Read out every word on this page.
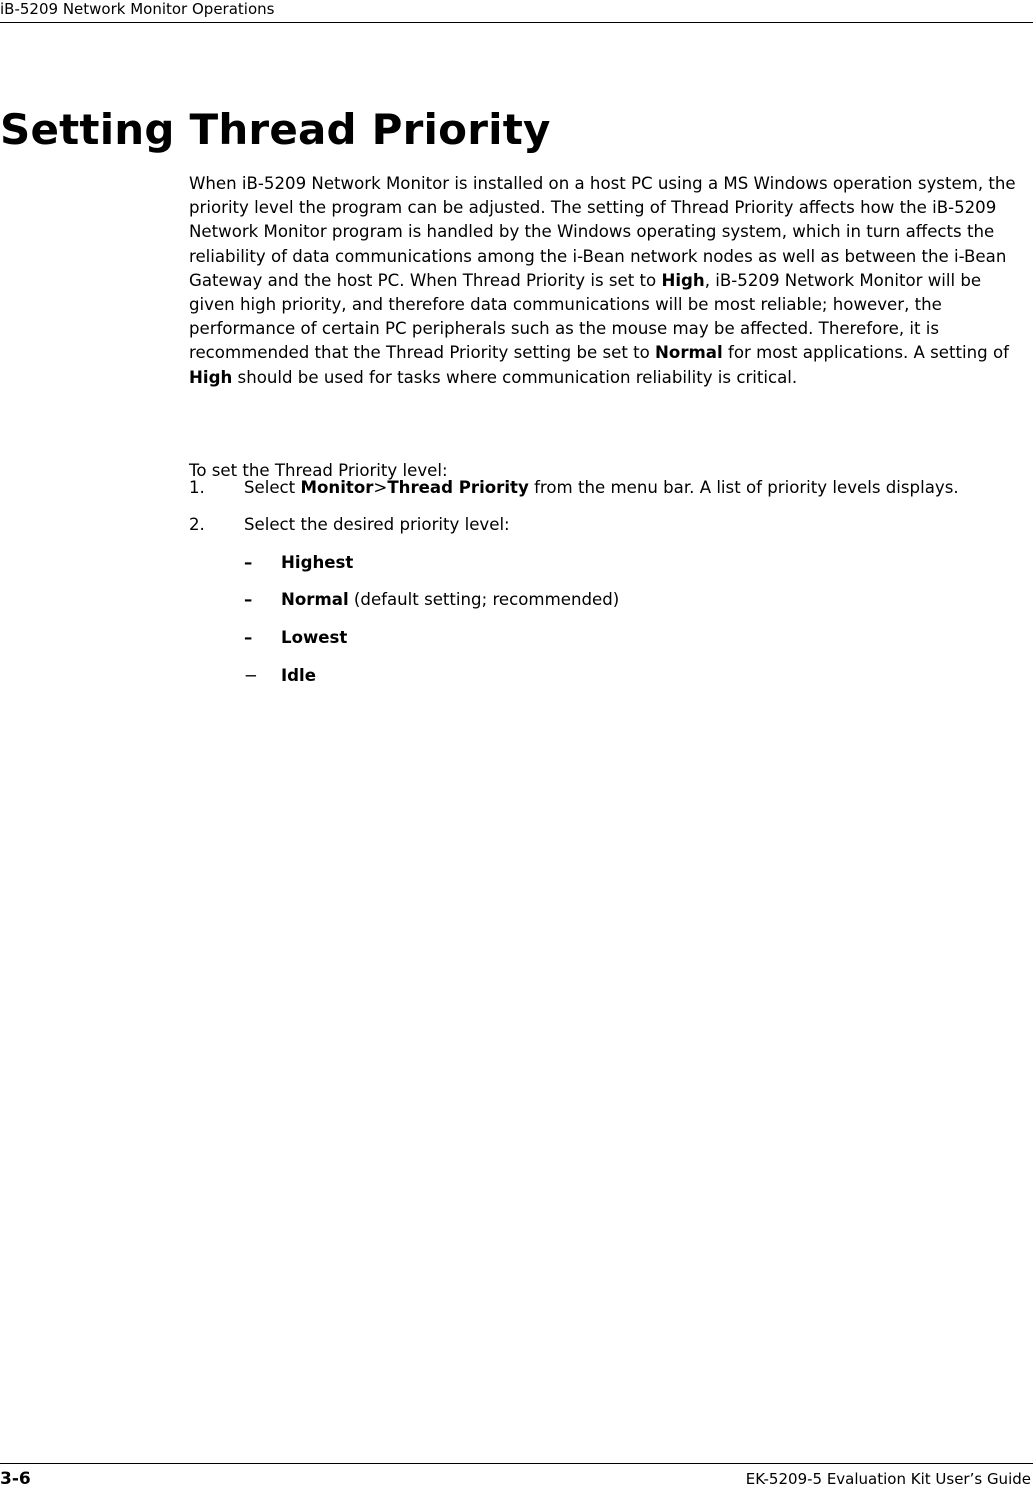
iB-5209 Network Monitor Operations
Setting Thread Priority

When iB-5209 Network Monitor is installed on a host PC using a MS Windows operation system, the priority level the program can be adjusted. The setting of Thread Priority affects how the iB-5209 Network Monitor program is handled by the Windows operating system, which in turn affects the reliability of data communications among the i-Bean network nodes as well as between the i-Bean Gateway and the host PC. When Thread Priority is set to High, iB-5209 Network Monitor will be given high priority, and therefore data communications will be most reliable; however, the performance of certain PC peripherals such as the mouse may be affected. Therefore, it is recommended that the Thread Priority setting be set to Normal for most applications. A setting of High should be used for tasks where communication reliability is critical.

To set the Thread Priority level:
1. Select Monitor>Thread Priority from the menu bar. A list of priority levels displays.
2. Select the desired priority level:
– Highest
– Normal (default setting; recommended)
– Lowest
− Idle
3-6	EK-5209-5 Evaluation Kit User’s Guide
